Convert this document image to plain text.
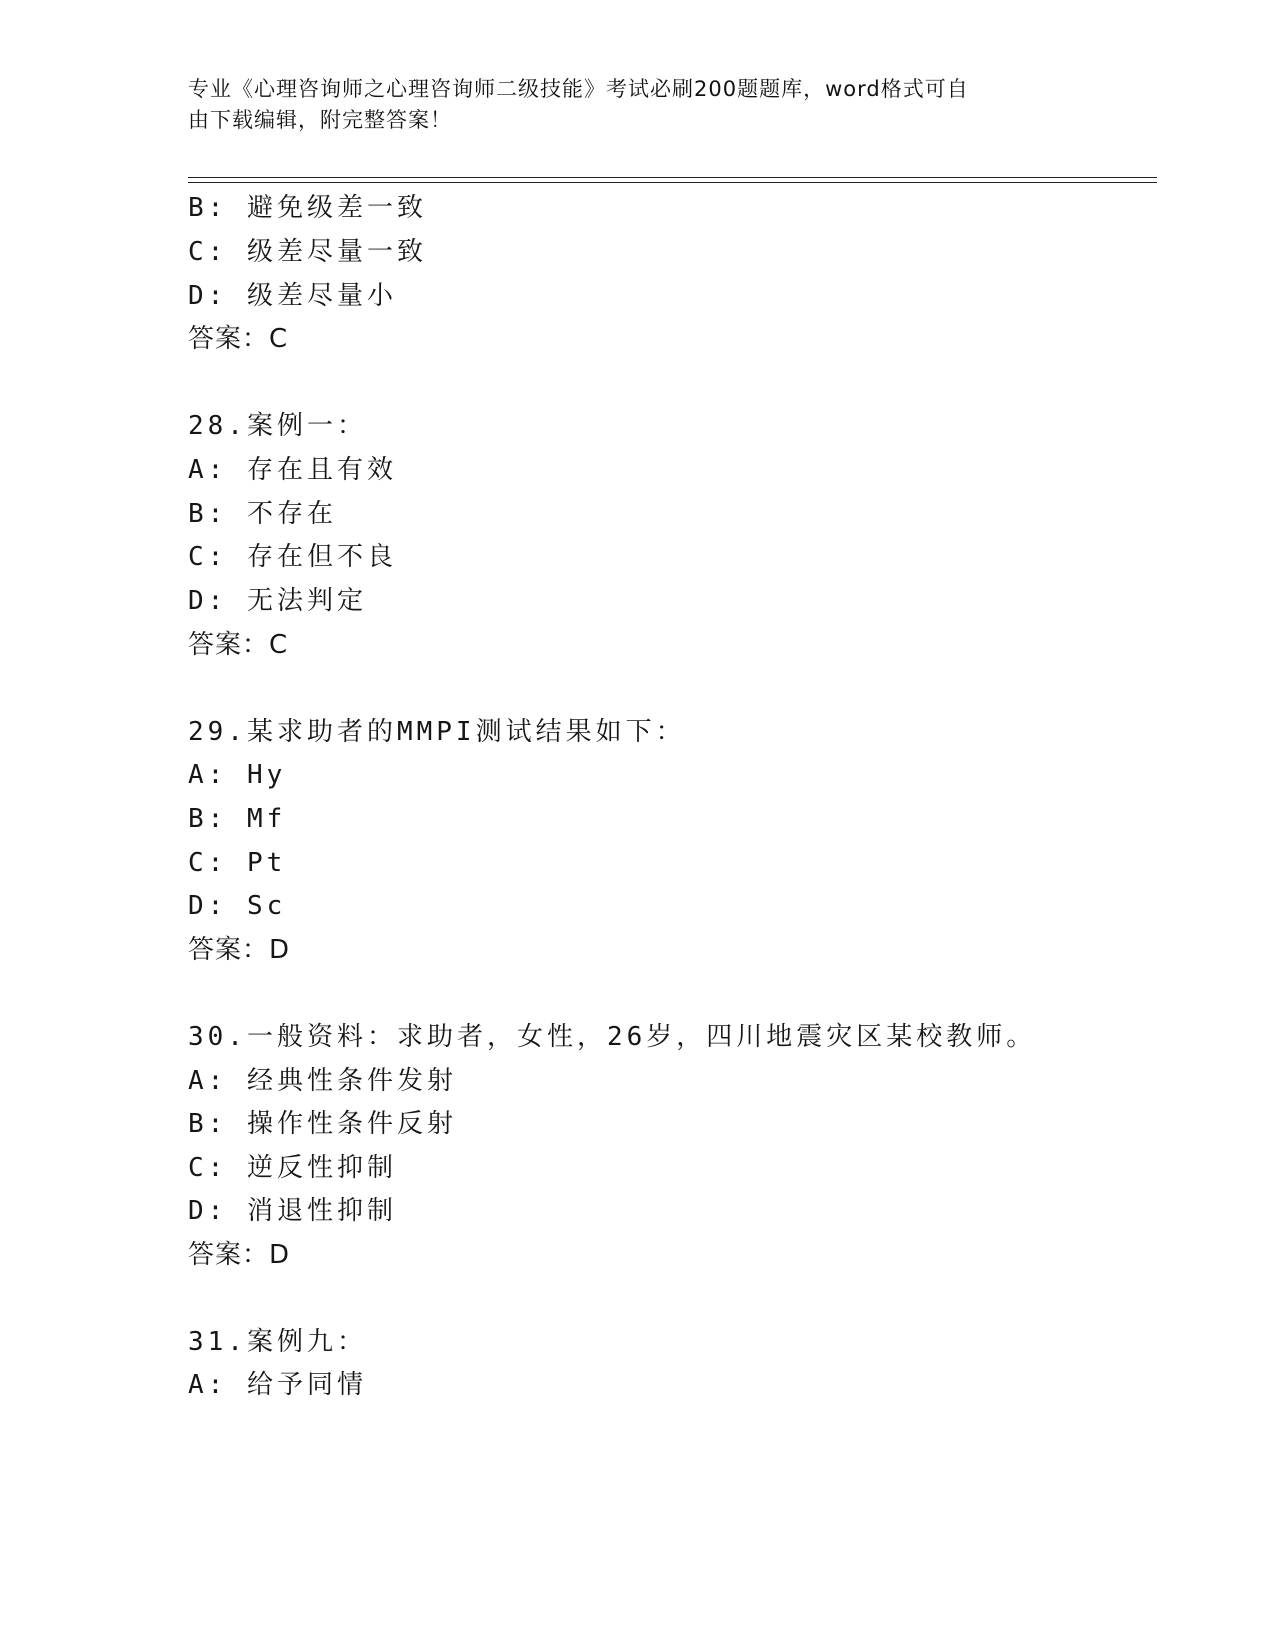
专业《心理咨询师之心理咨询师二级技能》考试必刷200题题库，word格式可自
由下载编辑，附完整答案！
B: 避免级差一致
C: 级差尽量一致
D: 级差尽量小
答案：C
28.案例一：
A: 存在且有效
B: 不存在
C: 存在但不良
D: 无法判定
答案：C
29.某求助者的MMPI测试结果如下：
A: Hy
B: Mf
C: Pt
D: Sc
答案：D
30.一般资料：求助者，女性，26岁，四川地震灾区某校教师。
A: 经典性条件发射
B: 操作性条件反射
C: 逆反性抑制
D: 消退性抑制
答案：D
31.案例九：
A: 给予同情
